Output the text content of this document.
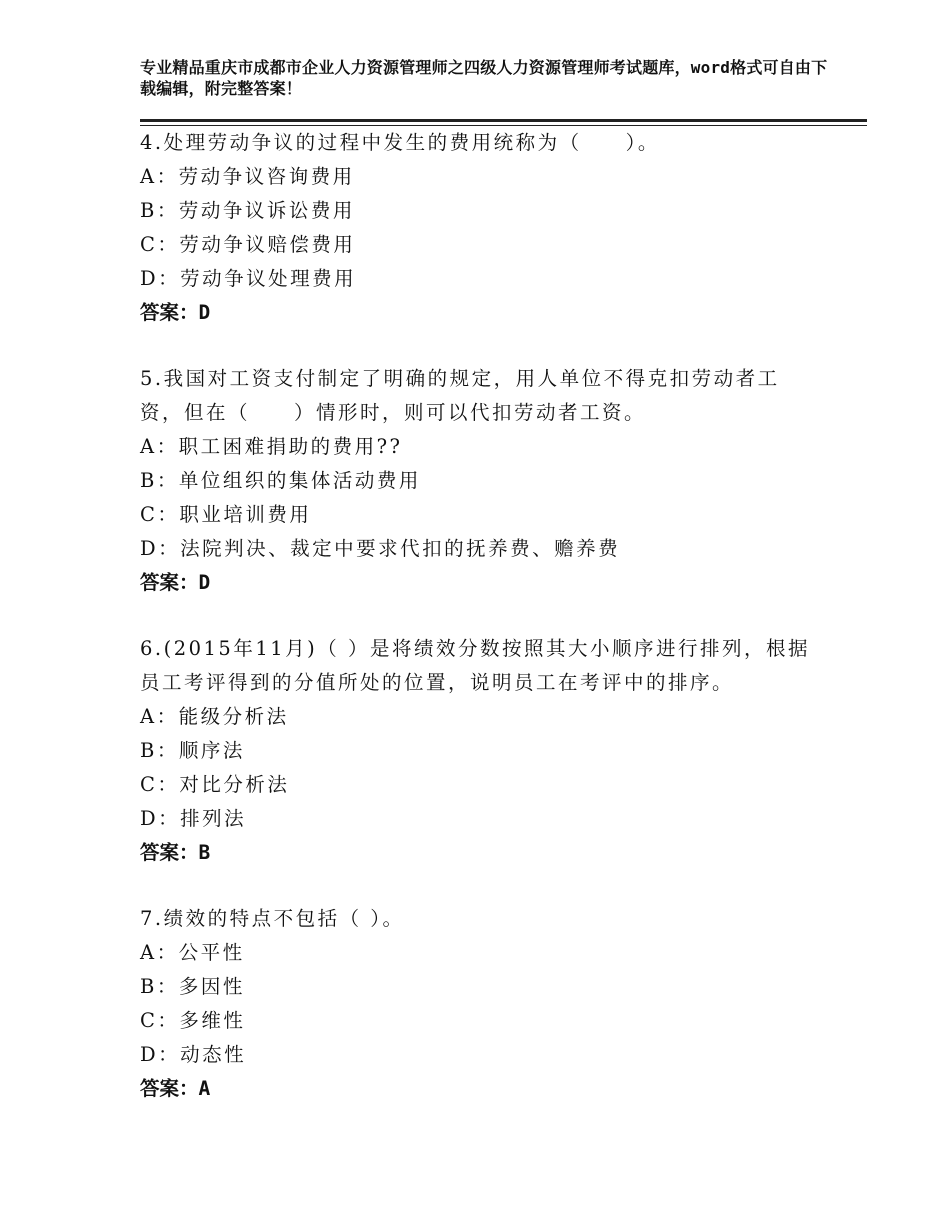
专业精品重庆市成都市企业人力资源管理师之四级人力资源管理师考试题库，word格式可自由下载编辑，附完整答案！

4.处理劳动争议的过程中发生的费用统称为（　　）。

A：劳动争议咨询费用

B：劳动争议诉讼费用

C：劳动争议赔偿费用

D：劳动争议处理费用

答案：D

5.我国对工资支付制定了明确的规定，用人单位不得克扣劳动者工资，但在（　　）情形时，则可以代扣劳动者工资。

A：职工困难捐助的费用??

B：单位组织的集体活动费用

C：职业培训费用

D：法院判决、裁定中要求代扣的抚养费、赡养费

答案：D

6.(2015年11月)（ ）是将绩效分数按照其大小顺序进行排列，根据员工考评得到的分值所处的位置，说明员工在考评中的排序。

A：能级分析法

B：顺序法

C：对比分析法

D：排列法

答案：B

7.绩效的特点不包括（ ）。

A：公平性

B：多因性

C：多维性

D：动态性

答案：A
